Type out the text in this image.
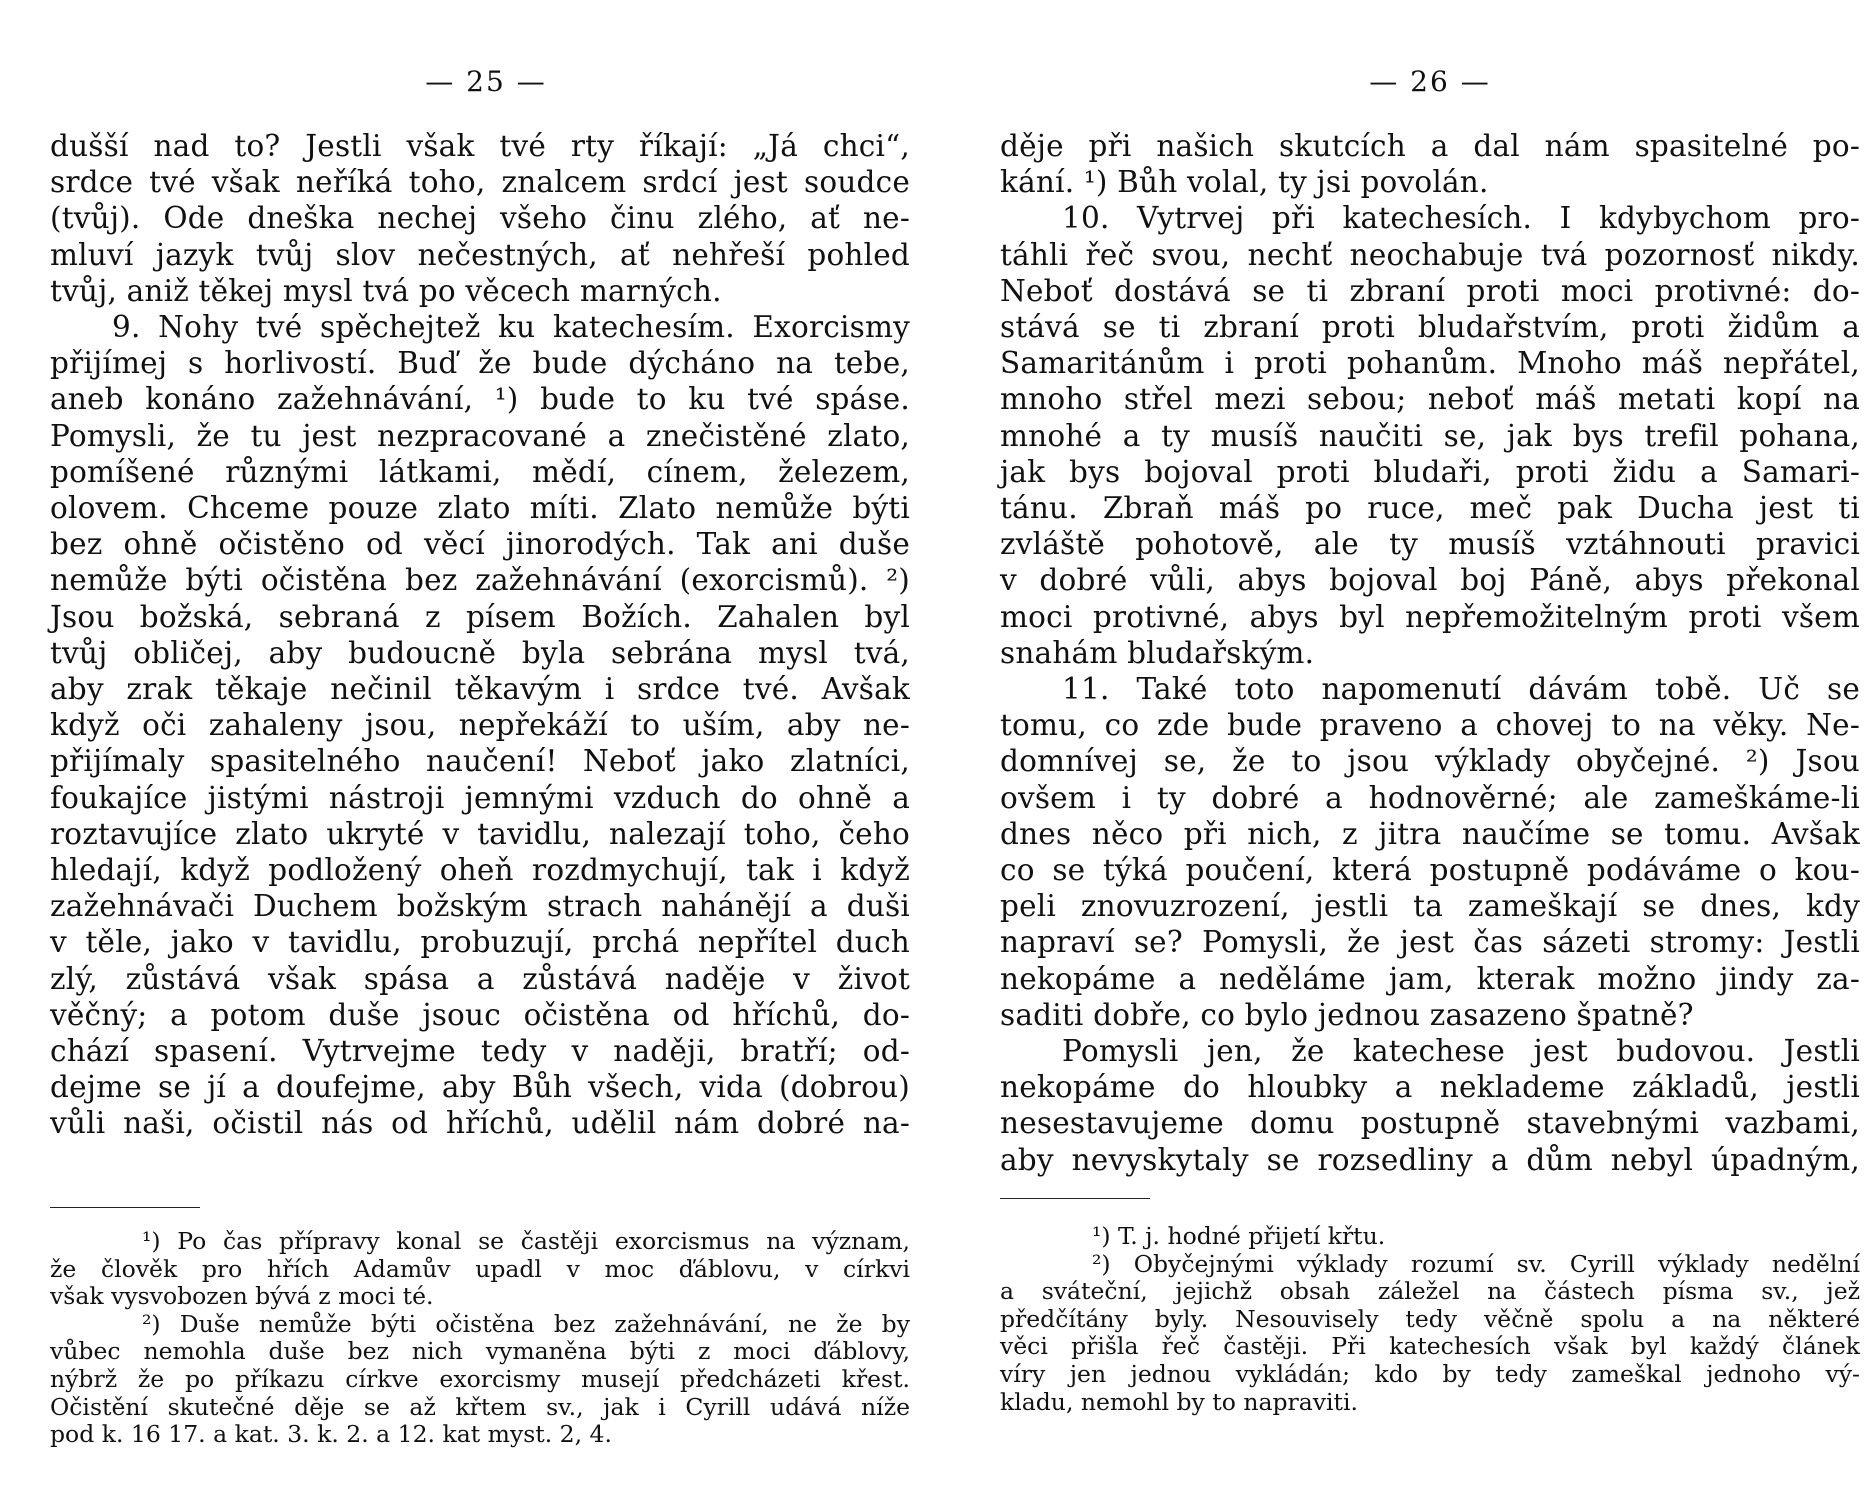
— 25 —
duššı́ nad to? Jestli však tvé rty řı́kajı́: „Já chci“,
srdce tvé však neřı́ká toho, znalcem srdcı́ jest soudce
(tvůj). Ode dneška nechej všeho činu zlého, ať ne-
mluvı́ jazyk tvůj slov nečestných, ať nehřešı́ pohled
tvůj, aniž těkej mysl tvá po věcech marných.
9. Nohy tvé spěchejtež ku katechesı́m. Exorcismy
přijı́mej s horlivostı́. Buď že bude dýcháno na tebe,
aneb konáno zažehnávánı́, ¹) bude to ku tvé spáse.
Pomysli, že tu jest nezpracované a znečistěné zlato,
pomı́šené různými látkami, mědı́, cı́nem, železem,
olovem. Chceme pouze zlato mı́ti. Zlato nemůže býti
bez ohně očistěno od věcı́ jinorodých. Tak ani duše
nemůže býti očistěna bez zažehnávánı́ (exorcismů). ²)
Jsou božská, sebraná z pı́sem Božı́ch. Zahalen byl
tvůj obličej, aby budoucně byla sebrána mysl tvá,
aby zrak těkaje nečinil těkavým i srdce tvé. Avšak
když oči zahaleny jsou, nepřekážı́ to ušı́m, aby ne-
přijı́maly spasitelného naučenı́! Neboť jako zlatnı́ci,
foukajı́ce jistými nástroji jemnými vzduch do ohně a
roztavujı́ce zlato ukryté v tavidlu, nalezajı́ toho, čeho
hledajı́, když podložený oheň rozdmychujı́, tak i když
zažehnávači Duchem božským strach nahánějı́ a duši
v těle, jako v tavidlu, probuzujı́, prchá nepřı́tel duch
zlý, zůstává však spása a zůstává naděje v život
věčný; a potom duše jsouc očistěna od hřı́chů, do-
cházı́ spasenı́. Vytrvejme tedy v naději, bratřı́; od-
dejme se jı́ a doufejme, aby Bůh všech, vida (dobrou)
vůli naši, očistil nás od hřı́chů, udělil nám dobré na-
¹) Po čas přı́pravy konal se častěji exorcismus na význam,
že člověk pro hřı́ch Adamův upadl v moc ďáblovu, v cı́rkvi
však vysvobozen bývá z moci té.
²) Duše nemůže býti očistěna bez zažehnávánı́, ne že by
vůbec nemohla duše bez nich vymaněna býti z moci ďáblovy,
nýbrž že po přı́kazu cı́rkve exorcismy musejı́ předcházeti křest.
Očistěnı́ skutečné děje se až křtem sv., jak i Cyrill udává nı́že
pod k. 16 17. a kat. 3. k. 2. a 12. kat myst. 2, 4.
— 26 —
děje při našich skutcı́ch a dal nám spasitelné po-
kánı́. ¹) Bůh volal, ty jsi povolán.
10. Vytrvej při katechesı́ch. I kdybychom pro-
táhli řeč svou, nechť neochabuje tvá pozornosť nikdy.
Neboť dostává se ti zbranı́ proti moci protivné: do-
stává se ti zbranı́ proti bludařstvı́m, proti židům a
Samaritánům i proti pohanům. Mnoho máš nepřátel,
mnoho střel mezi sebou; neboť máš metati kopı́ na
mnohé a ty musı́š naučiti se, jak bys trefil pohana,
jak bys bojoval proti bludaři, proti židu a Samari-
tánu. Zbraň máš po ruce, meč pak Ducha jest ti
zvláště pohotově, ale ty musı́š vztáhnouti pravici
v dobré vůli, abys bojoval boj Páně, abys překonal
moci protivné, abys byl nepřemožitelným proti všem
snahám bludařským.
11. Také toto napomenutı́ dávám tobě. Uč se
tomu, co zde bude praveno a chovej to na věky. Ne-
domnı́vej se, že to jsou výklady obyčejné. ²) Jsou
ovšem i ty dobré a hodnověrné; ale zameškáme-li
dnes něco při nich, z jitra naučı́me se tomu. Avšak
co se týká poučenı́, která postupně podáváme o kou-
peli znovuzrozenı́, jestli ta zameškajı́ se dnes, kdy
napravı́ se? Pomysli, že jest čas sázeti stromy: Jestli
nekopáme a neděláme jam, kterak možno jindy za-
saditi dobře, co bylo jednou zasazeno špatně?
Pomysli jen, že katechese jest budovou. Jestli
nekopáme do hloubky a neklademe základů, jestli
nesestavujeme domu postupně stavebnými vazbami,
aby nevyskytaly se rozsedliny a dům nebyl úpadným,
¹) T. j. hodné přijetı́ křtu.
²) Obyčejnými výklady rozumı́ sv. Cyrill výklady nedělnı́
a svátečnı́, jejichž obsah záležel na částech pı́sma sv., jež
předčı́tány byly. Nesouvisely tedy věčně spolu a na některé
věci přišla řeč častěji. Při katechesı́ch však byl každý článek
vı́ry jen jednou vykládán; kdo by tedy zameškal jednoho vý-
kladu, nemohl by to napraviti.
